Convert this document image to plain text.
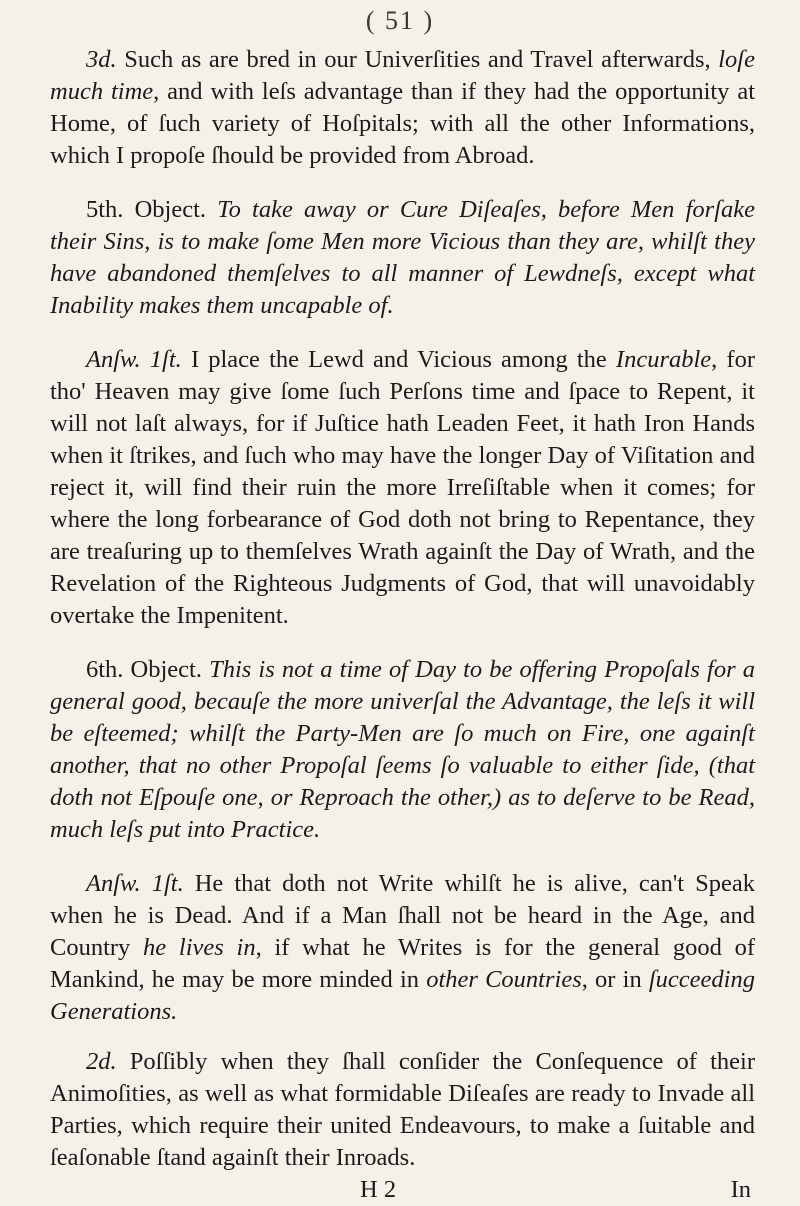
( 51 )

3d. Such as are bred in our Univerſities and Travel afterwards, loſe much time, and with leſs advantage than if they had the opportunity at Home, of ſuch variety of Hoſpitals; with all the other Informations, which I propoſe ſhould be provided from Abroad.

5th. Object. To take away or Cure Diſeaſes, before Men forſake their Sins, is to make ſome Men more Vicious than they are, whilſt they have abandoned themſelves to all manner of Lewdneſs, except what Inability makes them uncapable of.

Anſw. 1ſt. I place the Lewd and Vicious among the Incurable, for tho' Heaven may give ſome ſuch Perſons time and ſpace to Repent, it will not laſt always, for if Juſtice hath Leaden Feet, it hath Iron Hands when it ſtrikes, and ſuch who may have the longer Day of Viſitation and reject it, will find their ruin the more Irreſiſtable when it comes; for where the long forbearance of God doth not bring to Repentance, they are treaſuring up to themſelves Wrath againſt the Day of Wrath, and the Revelation of the Righteous Judgments of God, that will unavoidably overtake the Impenitent.

6th. Object. This is not a time of Day to be offering Propoſals for a general good, becauſe the more univerſal the Advantage, the leſs it will be eſteemed; whilſt the Party-Men are ſo much on Fire, one againſt another, that no other Propoſal ſeems ſo valuable to either ſide, (that doth not Eſpouſe one, or Reproach the other,) as to deſerve to be Read, much leſs put into Practice.

Anſw. 1ſt. He that doth not Write whilſt he is alive, can't Speak when he is Dead. And if a Man ſhall not be heard in the Age, and Country he lives in, if what he Writes is for the general good of Mankind, he may be more minded in other Countries, or in ſucceeding Generations.

2d. Poſſibly when they ſhall conſider the Conſequence of their Animoſities, as well as what formidable Diſeaſes are ready to Invade all Parties, which require their united Endeavours, to make a ſuitable and ſeaſonable ſtand againſt their Inroads.

H 2	In
